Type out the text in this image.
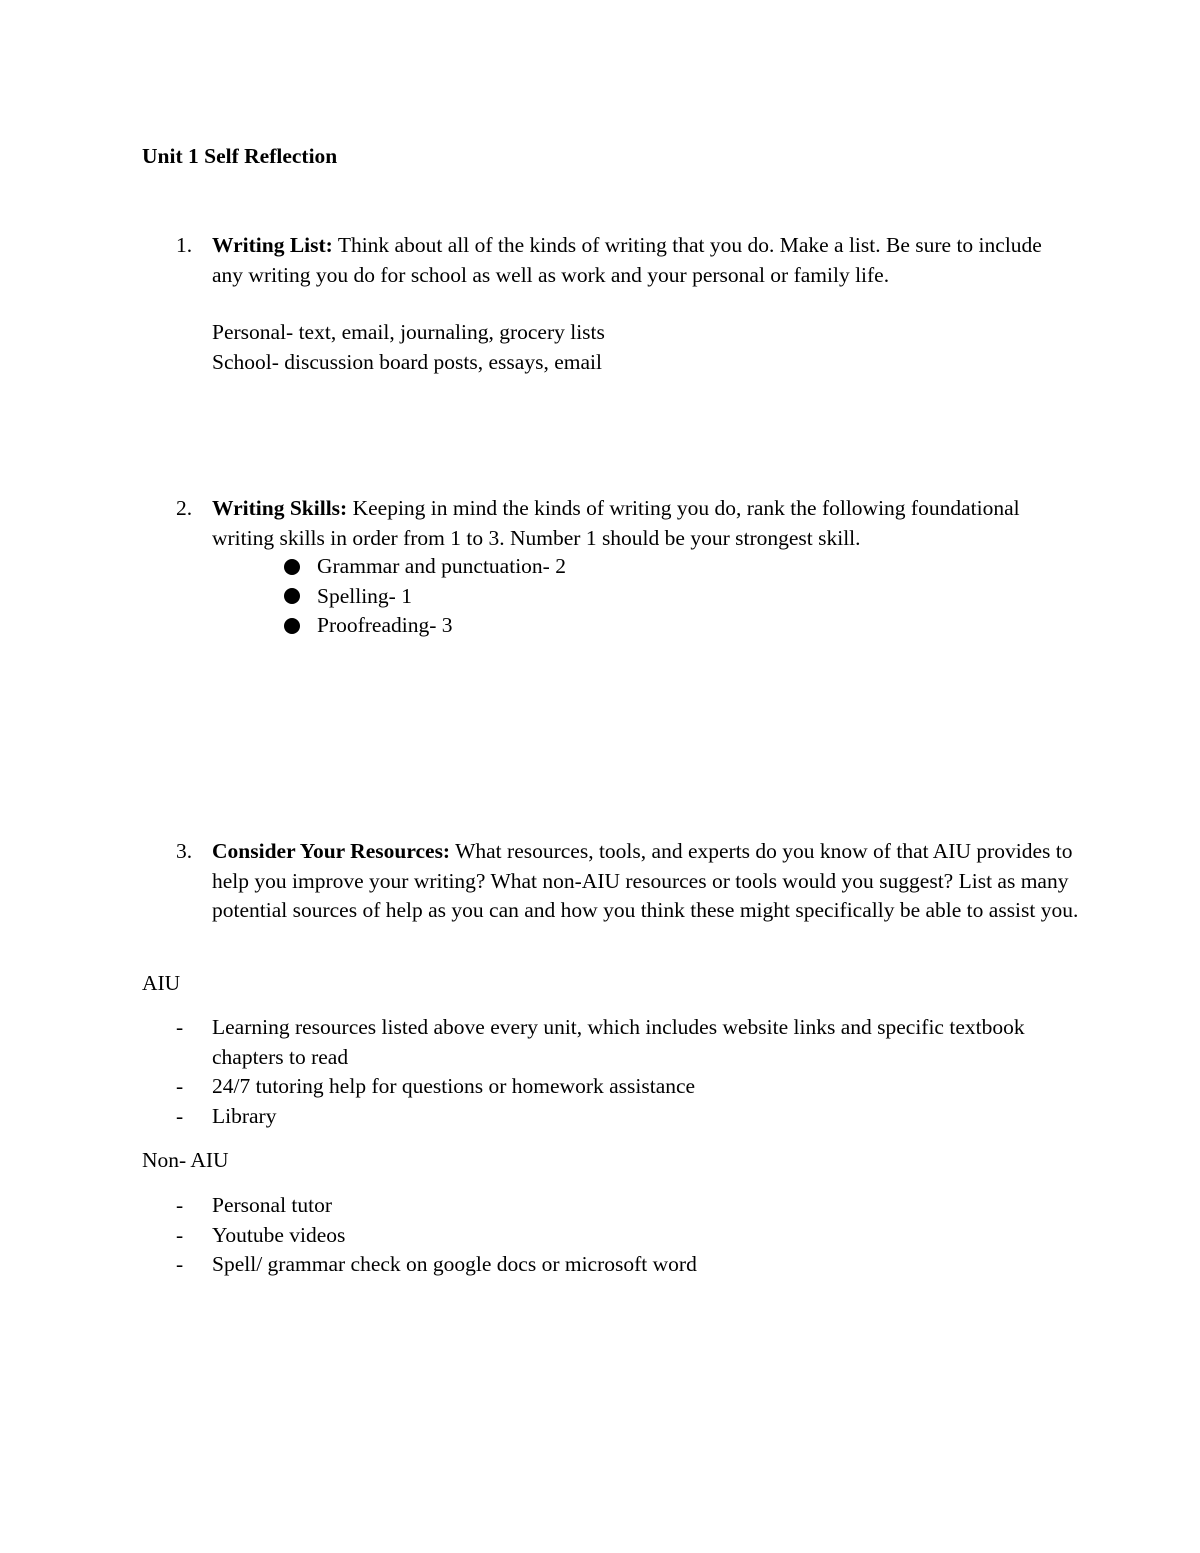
Unit 1 Self Reflection
1. Writing List: Think about all of the kinds of writing that you do. Make a list. Be sure to include any writing you do for school as well as work and your personal or family life.

Personal- text, email, journaling, grocery lists
School- discussion board posts, essays, email
2. Writing Skills: Keeping in mind the kinds of writing you do, rank the following foundational writing skills in order from 1 to 3. Number 1 should be your strongest skill.

Grammar and punctuation- 2
Spelling- 1
Proofreading- 3
3. Consider Your Resources: What resources, tools, and experts do you know of that AIU provides to help you improve your writing? What non-AIU resources or tools would you suggest? List as many potential sources of help as you can and how you think these might specifically be able to assist you.

AIU
-	Learning resources listed above every unit, which includes website links and specific textbook chapters to read
-	24/7 tutoring help for questions or homework assistance
-	Library
Non- AIU
-	Personal tutor
-	Youtube videos
-	Spell/ grammar check on google docs or microsoft word
